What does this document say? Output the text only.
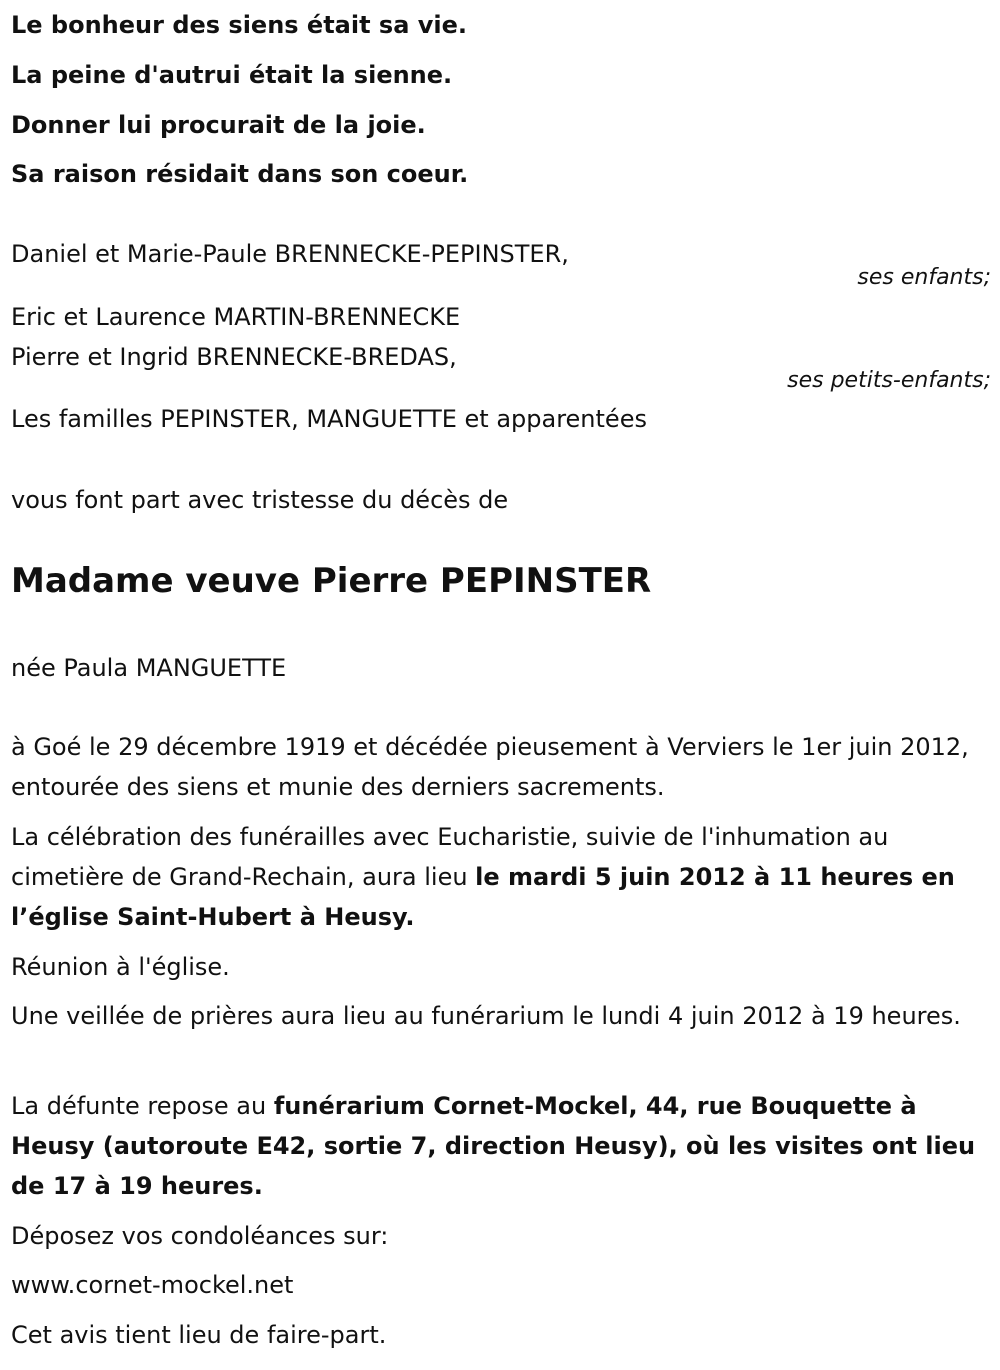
Le bonheur des siens était sa vie.
La peine d'autrui était la sienne.
Donner lui procurait de la joie.
Sa raison résidait dans son coeur.
Daniel et Marie-Paule BRENNECKE-PEPINSTER,
ses enfants;
Eric et Laurence MARTIN-BRENNECKE
Pierre et Ingrid BRENNECKE-BREDAS,
ses petits-enfants;
Les familles PEPINSTER, MANGUETTE et apparentées
vous font part avec tristesse du décès de
Madame veuve Pierre PEPINSTER
née Paula MANGUETTE
à Goé le 29 décembre 1919 et décédée pieusement à Verviers le 1er juin 2012, entourée des siens et munie des derniers sacrements.
La célébration des funérailles avec Eucharistie, suivie de l'inhumation au cimetière de Grand-Rechain, aura lieu le mardi 5 juin 2012 à 11 heures en l’église Saint-Hubert à Heusy.
Réunion à l'église.
Une veillée de prières aura lieu au funérarium le lundi 4 juin 2012 à 19 heures.
La défunte repose au funérarium Cornet-Mockel, 44, rue Bouquette à Heusy (autoroute E42, sortie 7, direction Heusy), où les visites ont lieu de 17 à 19 heures.
Déposez vos condoléances sur:
www.cornet-mockel.net
Cet avis tient lieu de faire-part.
